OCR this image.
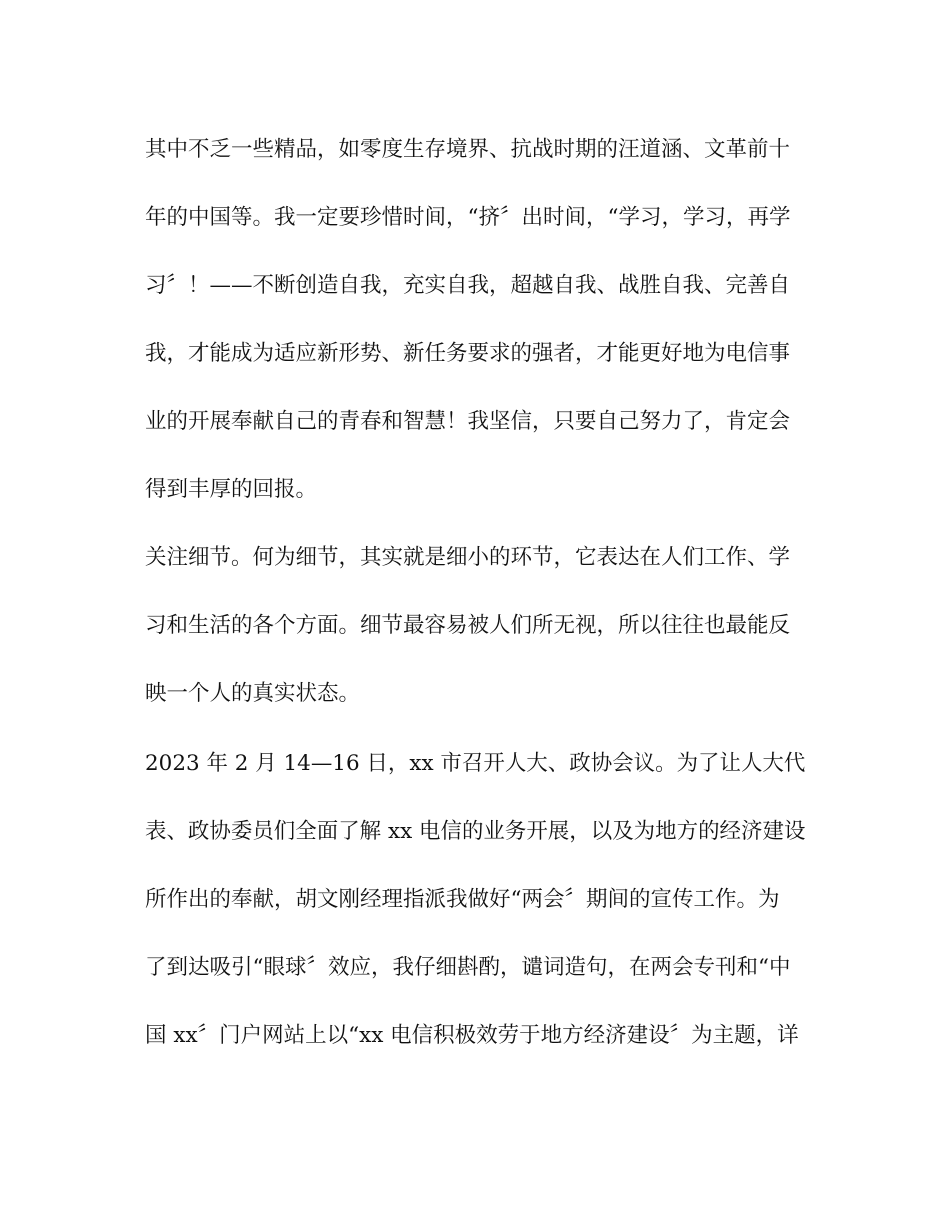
其中不乏一些精品，如零度生存境界、抗战时期的汪道涵、文革前十

年的中国等。我一定要珍惜时间，“挤〞出时间，“学习，学习，再学

习〞！——不断创造自我，充实自我，超越自我、战胜自我、完善自

我，才能成为适应新形势、新任务要求的强者，才能更好地为电信事

业的开展奉献自己的青春和智慧！我坚信，只要自己努力了，肯定会

得到丰厚的回报。

关注细节。何为细节，其实就是细小的环节，它表达在人们工作、学

习和生活的各个方面。细节最容易被人们所无视，所以往往也最能反

映一个人的真实状态。

2023 年 2 月 14—16 日，xx 市召开人大、政协会议。为了让人大代

表、政协委员们全面了解 xx 电信的业务开展，以及为地方的经济建设

所作出的奉献，胡文刚经理指派我做好“两会〞期间的宣传工作。为

了到达吸引“眼球〞效应，我仔细斟酌，谴词造句，在两会专刊和“中

国 xx〞门户网站上以“xx 电信积极效劳于地方经济建设〞为主题，详
